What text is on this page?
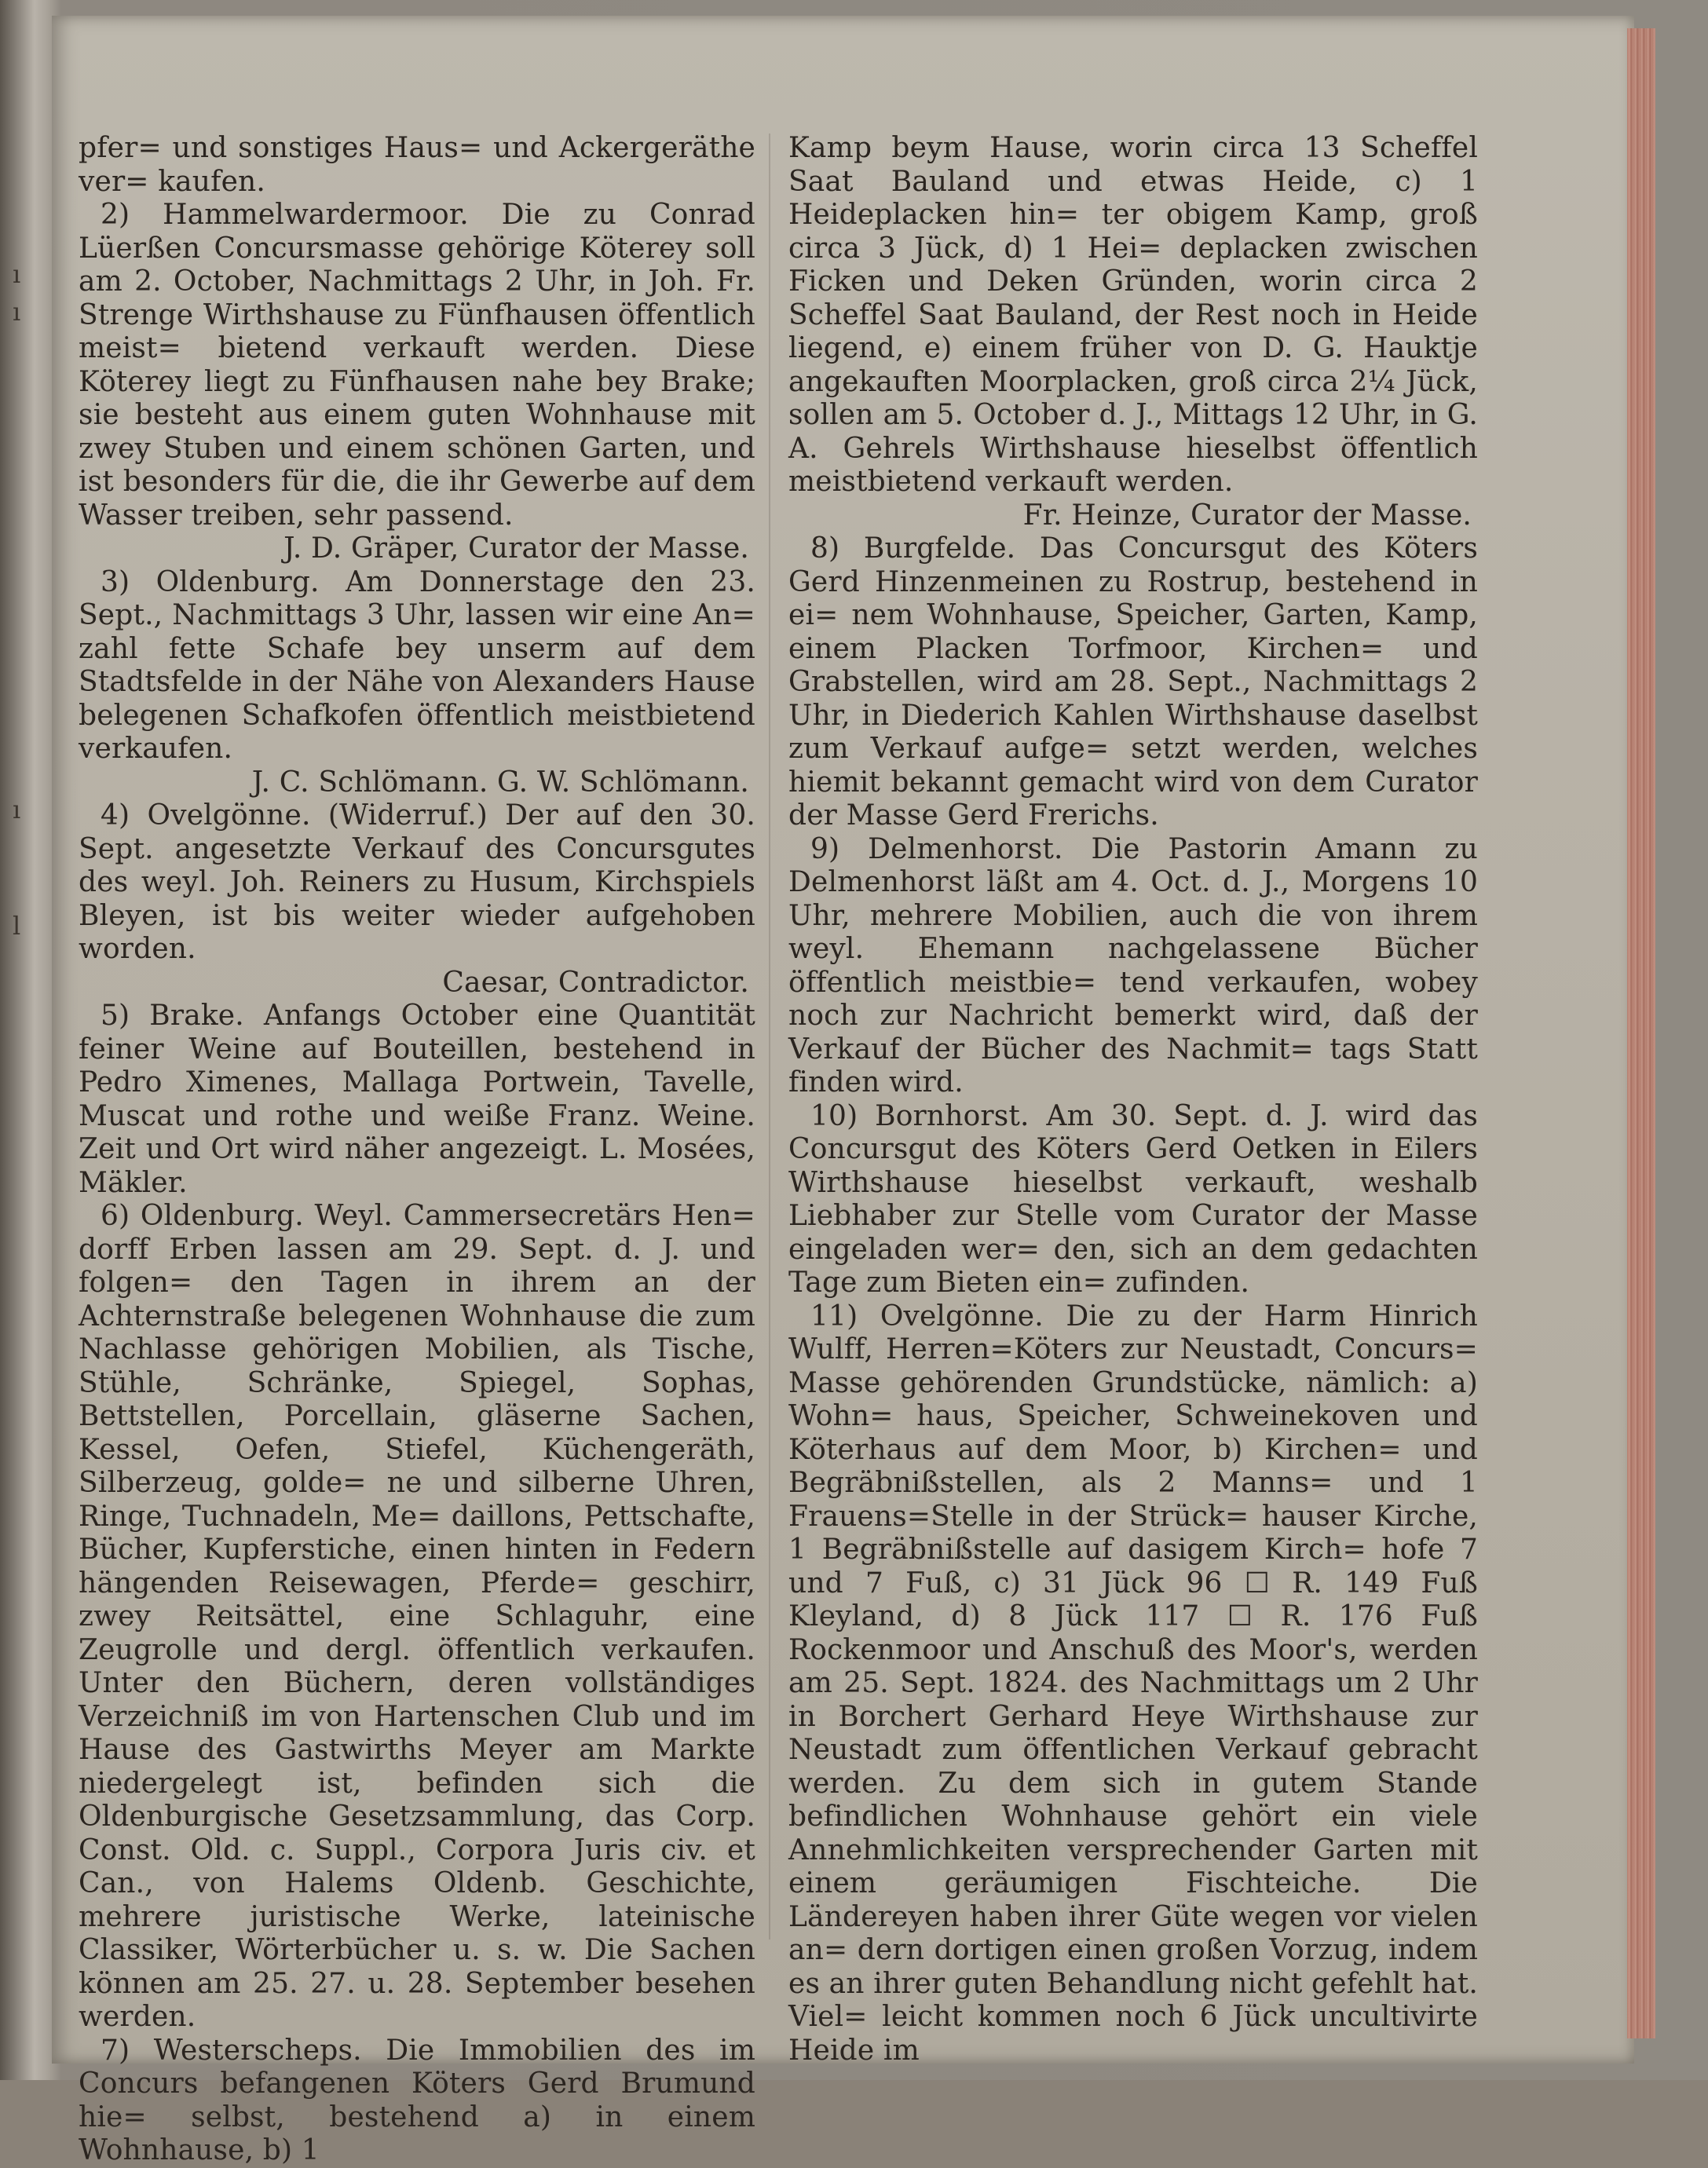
ı
ı
ı
l

pfer= und sonstiges Haus= und Ackergeräthe ver= kaufen.

2) Hammelwardermoor. Die zu Conrad Lüerßen Concursmasse gehörige Köterey soll am 2. October, Nachmittags 2 Uhr, in Joh. Fr. Strenge Wirthshause zu Fünfhausen öffentlich meist= bietend verkauft werden. Diese Köterey liegt zu Fünfhausen nahe bey Brake; sie besteht aus einem guten Wohnhause mit zwey Stuben und einem schönen Garten, und ist besonders für die, die ihr Gewerbe auf dem Wasser treiben, sehr passend.

J. D. Gräper, Curator der Masse.

3) Oldenburg. Am Donnerstage den 23. Sept., Nachmittags 3 Uhr, lassen wir eine An= zahl fette Schafe bey unserm auf dem Stadtsfelde in der Nähe von Alexanders Hause belegenen Schafkofen öffentlich meistbietend verkaufen.

J. C. Schlömann. G. W. Schlömann.

4) Ovelgönne. (Widerruf.) Der auf den 30. Sept. angesetzte Verkauf des Concursgutes des weyl. Joh. Reiners zu Husum, Kirchspiels Bleyen, ist bis weiter wieder aufgehoben worden.

Caesar, Contradictor.

5) Brake. Anfangs October eine Quantität feiner Weine auf Bouteillen, bestehend in Pedro Ximenes, Mallaga Portwein, Tavelle, Muscat und rothe und weiße Franz. Weine. Zeit und Ort wird näher angezeigt. L. Mosées, Mäkler.

6) Oldenburg. Weyl. Cammersecretärs Hen= dorff Erben lassen am 29. Sept. d. J. und folgen= den Tagen in ihrem an der Achternstraße belegenen Wohnhause die zum Nachlasse gehörigen Mobilien, als Tische, Stühle, Schränke, Spiegel, Sophas, Bettstellen, Porcellain, gläserne Sachen, Kessel, Oefen, Stiefel, Küchengeräth, Silberzeug, golde= ne und silberne Uhren, Ringe, Tuchnadeln, Me= daillons, Pettschafte, Bücher, Kupferstiche, einen hinten in Federn hängenden Reisewagen, Pferde= geschirr, zwey Reitsättel, eine Schlaguhr, eine Zeugrolle und dergl. öffentlich verkaufen. Unter den Büchern, deren vollständiges Verzeichniß im von Hartenschen Club und im Hause des Gastwirths Meyer am Markte niedergelegt ist, befinden sich die Oldenburgische Gesetzsammlung, das Corp. Const. Old. c. Suppl., Corpora Juris civ. et Can., von Halems Oldenb. Geschichte, mehrere juristische Werke, lateinische Classiker, Wörterbücher u. s. w. Die Sachen können am 25. 27. u. 28. September besehen werden.

7) Westerscheps. Die Immobilien des im Concurs befangenen Köters Gerd Brumund hie= selbst, bestehend a) in einem Wohnhause, b) 1

Kamp beym Hause, worin circa 13 Scheffel Saat Bauland und etwas Heide, c) 1 Heideplacken hin= ter obigem Kamp, groß circa 3 Jück, d) 1 Hei= deplacken zwischen Ficken und Deken Gründen, worin circa 2 Scheffel Saat Bauland, der Rest noch in Heide liegend, e) einem früher von D. G. Hauktje angekauften Moorplacken, groß circa 2¼ Jück, sollen am 5. October d. J., Mittags 12 Uhr, in G. A. Gehrels Wirthshause hieselbst öffentlich meistbietend verkauft werden.

Fr. Heinze, Curator der Masse.

8) Burgfelde. Das Concursgut des Köters Gerd Hinzenmeinen zu Rostrup, bestehend in ei= nem Wohnhause, Speicher, Garten, Kamp, einem Placken Torfmoor, Kirchen= und Grabstellen, wird am 28. Sept., Nachmittags 2 Uhr, in Diederich Kahlen Wirthshause daselbst zum Verkauf aufge= setzt werden, welches hiemit bekannt gemacht wird von dem Curator der Masse Gerd Frerichs.

9) Delmenhorst. Die Pastorin Amann zu Delmenhorst läßt am 4. Oct. d. J., Morgens 10 Uhr, mehrere Mobilien, auch die von ihrem weyl. Ehemann nachgelassene Bücher öffentlich meistbie= tend verkaufen, wobey noch zur Nachricht bemerkt wird, daß der Verkauf der Bücher des Nachmit= tags Statt finden wird.

10) Bornhorst. Am 30. Sept. d. J. wird das Concursgut des Köters Gerd Oetken in Eilers Wirthshause hieselbst verkauft, weshalb Liebhaber zur Stelle vom Curator der Masse eingeladen wer= den, sich an dem gedachten Tage zum Bieten ein= zufinden.

11) Ovelgönne. Die zu der Harm Hinrich Wulff, Herren=Köters zur Neustadt, Concurs= Masse gehörenden Grundstücke, nämlich: a) Wohn= haus, Speicher, Schweinekoven und Köterhaus auf dem Moor, b) Kirchen= und Begräbnißstellen, als 2 Manns= und 1 Frauens=Stelle in der Strück= hauser Kirche, 1 Begräbnißstelle auf dasigem Kirch= hofe 7 und 7 Fuß, c) 31 Jück 96 ☐ R. 149 Fuß Kleyland, d) 8 Jück 117 ☐ R. 176 Fuß Rockenmoor und Anschuß des Moor's, werden am 25. Sept. 1824. des Nachmittags um 2 Uhr in Borchert Gerhard Heye Wirthshause zur Neustadt zum öffentlichen Verkauf gebracht werden. Zu dem sich in gutem Stande befindlichen Wohnhause gehört ein viele Annehmlichkeiten versprechender Garten mit einem geräumigen Fischteiche. Die Ländereyen haben ihrer Güte wegen vor vielen an= dern dortigen einen großen Vorzug, indem es an ihrer guten Behandlung nicht gefehlt hat. Viel= leicht kommen noch 6 Jück uncultivirte Heide im
